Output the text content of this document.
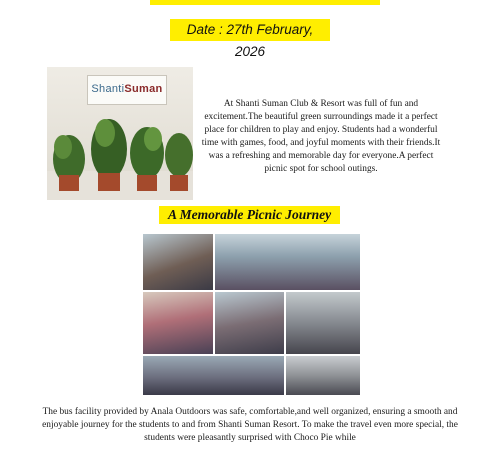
Date : 27th February, 2026
ShantiSuman

At Shanti Suman Club & Resort was full of fun and excitement.The beautiful green surroundings made it a perfect place for children to play and enjoy. Students had a wonderful time with games, food, and joyful moments with their friends.It was a refreshing and memorable day for everyone.A perfect picnic spot for school outings.

A Memorable Picnic Journey

The bus facility provided by Anala Outdoors was safe, comfortable,and well organized, ensuring a smooth and enjoyable journey for the students to and from Shanti Suman Resort. To make the travel even more special, the students were pleasantly surprised with Choco Pie while
